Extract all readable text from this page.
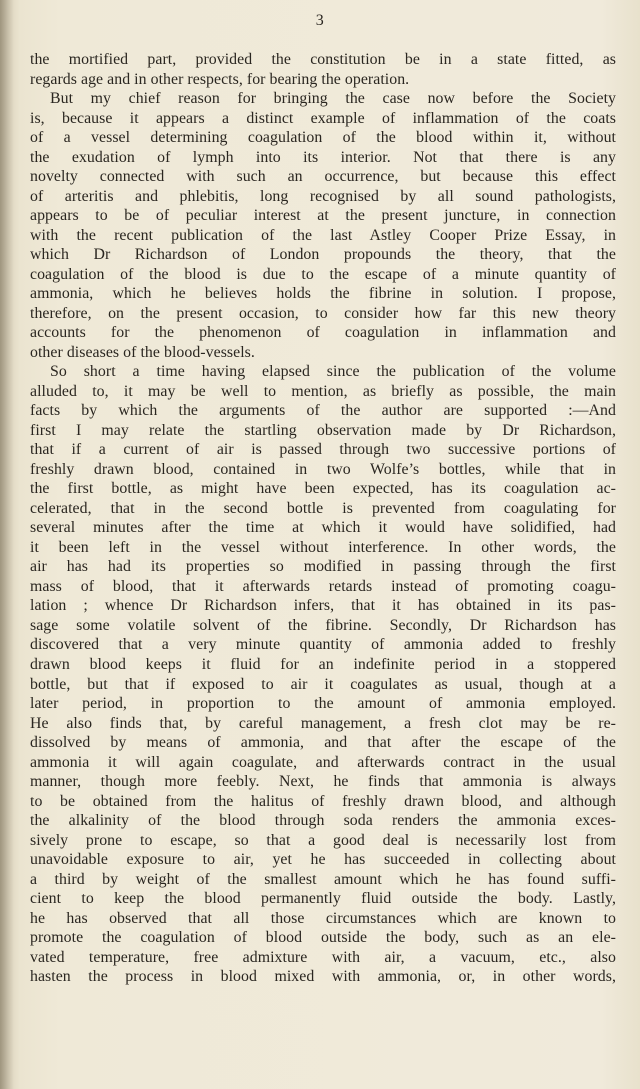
3
the mortified part, provided the constitution be in a state fitted, as
regards age and in other respects, for bearing the operation.
But my chief reason for bringing the case now before the Society
is, because it appears a distinct example of inflammation of the coats
of a vessel determining coagulation of the blood within it, without
the exudation of lymph into its interior. Not that there is any
novelty connected with such an occurrence, but because this effect
of arteritis and phlebitis, long recognised by all sound pathologists,
appears to be of peculiar interest at the present juncture, in connection
with the recent publication of the last Astley Cooper Prize Essay, in
which Dr Richardson of London propounds the theory, that the
coagulation of the blood is due to the escape of a minute quantity of
ammonia, which he believes holds the fibrine in solution. I propose,
therefore, on the present occasion, to consider how far this new theory
accounts for the phenomenon of coagulation in inflammation and
other diseases of the blood-vessels.
So short a time having elapsed since the publication of the volume
alluded to, it may be well to mention, as briefly as possible, the main
facts by which the arguments of the author are supported :—And
first I may relate the startling observation made by Dr Richardson,
that if a current of air is passed through two successive portions of
freshly drawn blood, contained in two Wolfe’s bottles, while that in
the first bottle, as might have been expected, has its coagulation ac-
celerated, that in the second bottle is prevented from coagulating for
several minutes after the time at which it would have solidified, had
it been left in the vessel without interference. In other words, the
air has had its properties so modified in passing through the first
mass of blood, that it afterwards retards instead of promoting coagu-
lation ; whence Dr Richardson infers, that it has obtained in its pas-
sage some volatile solvent of the fibrine. Secondly, Dr Richardson has
discovered that a very minute quantity of ammonia added to freshly
drawn blood keeps it fluid for an indefinite period in a stoppered
bottle, but that if exposed to air it coagulates as usual, though at a
later period, in proportion to the amount of ammonia employed.
He also finds that, by careful management, a fresh clot may be re-
dissolved by means of ammonia, and that after the escape of the
ammonia it will again coagulate, and afterwards contract in the usual
manner, though more feebly. Next, he finds that ammonia is always
to be obtained from the halitus of freshly drawn blood, and although
the alkalinity of the blood through soda renders the ammonia exces-
sively prone to escape, so that a good deal is necessarily lost from
unavoidable exposure to air, yet he has succeeded in collecting about
a third by weight of the smallest amount which he has found suffi-
cient to keep the blood permanently fluid outside the body. Lastly,
he has observed that all those circumstances which are known to
promote the coagulation of blood outside the body, such as an ele-
vated temperature, free admixture with air, a vacuum, etc., also
hasten the process in blood mixed with ammonia, or, in other words,
